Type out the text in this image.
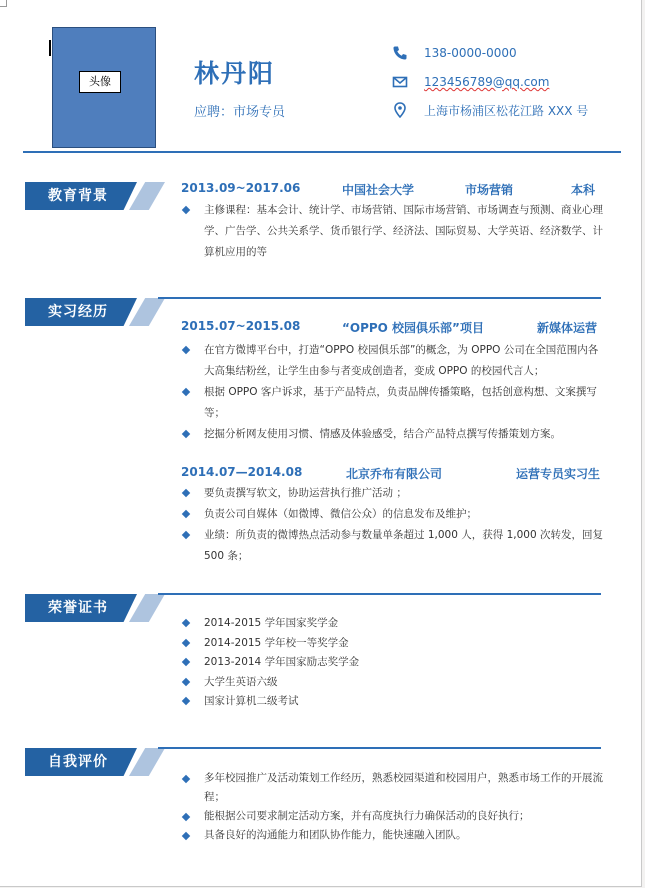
头像	林丹阳
应聘：市场专员
138-0000-0000
123456789@qq.com
上海市杨浦区松花江路 XXX 号
教育背景	2013.09~2017.06	中国社会大学	市场营销	本科
主修课程：基本会计、统计学、市场营销、国际市场营销、市场调查与预测、商业心理学、广告学、公共关系学、货币银行学、经济法、国际贸易、大学英语、经济数学、计算机应用的等
实习经历
2015.07~2015.08	“OPPO 校园俱乐部”项目	新媒体运营
在官方微博平台中，打造“OPPO 校园俱乐部”的概念，为 OPPO 公司在全国范围内各大高集结粉丝，让学生由参与者变成创造者，变成 OPPO 的校园代言人；
根据 OPPO 客户诉求，基于产品特点，负责品牌传播策略，包括创意构想、文案撰写等；
挖掘分析网友使用习惯、情感及体验感受，结合产品特点撰写传播策划方案。
2014.07—2014.08	北京乔布有限公司	运营专员实习生
要负责撰写软文，协助运营执行推广活动 ；
负责公司自媒体（如微博、微信公众）的信息发布及维护；
业绩：所负责的微博热点活动参与数量单条超过 1,000 人，获得 1,000 次转发，回复 500 条；
荣誉证书
2014-2015 学年国家奖学金
2014-2015 学年校一等奖学金
2013-2014 学年国家励志奖学金
大学生英语六级
国家计算机二级考试
自我评价
多年校园推广及活动策划工作经历，熟悉校园渠道和校园用户，熟悉市场工作的开展流程；
能根据公司要求制定活动方案，并有高度执行力确保活动的良好执行；
具备良好的沟通能力和团队协作能力，能快速融入团队。
